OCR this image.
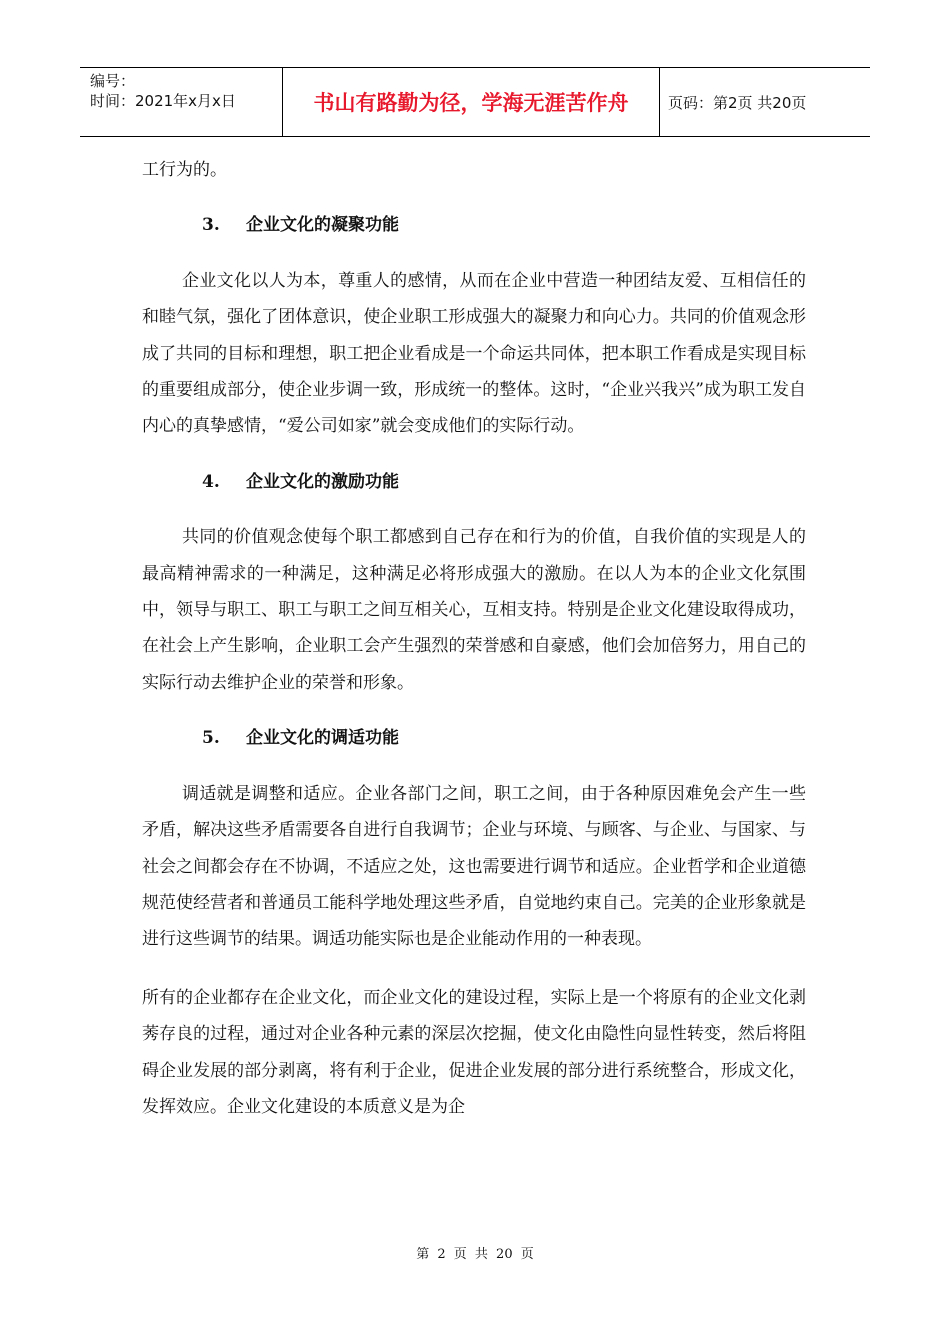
编号：
时间：2021年x月x日	书山有路勤为径，学海无涯苦作舟	页码：第2页 共20页

工行为的。

3.	企业文化的凝聚功能

企业文化以人为本，尊重人的感情，从而在企业中营造一种团结友爱、互相信任的和睦气氛，强化了团体意识，使企业职工形成强大的凝聚力和向心力。共同的价值观念形成了共同的目标和理想，职工把企业看成是一个命运共同体，把本职工作看成是实现目标的重要组成部分，使企业步调一致，形成统一的整体。这时，“企业兴我兴”成为职工发自内心的真挚感情，“爱公司如家”就会变成他们的实际行动。

4.	企业文化的激励功能

共同的价值观念使每个职工都感到自己存在和行为的价值，自我价值的实现是人的最高精神需求的一种满足，这种满足必将形成强大的激励。在以人为本的企业文化氛围中，领导与职工、职工与职工之间互相关心，互相支持。特别是企业文化建设取得成功，在社会上产生影响，企业职工会产生强烈的荣誉感和自豪感，他们会加倍努力，用自己的实际行动去维护企业的荣誉和形象。

5.	企业文化的调适功能

调适就是调整和适应。企业各部门之间，职工之间，由于各种原因难免会产生一些矛盾，解决这些矛盾需要各自进行自我调节；企业与环境、与顾客、与企业、与国家、与社会之间都会存在不协调，不适应之处，这也需要进行调节和适应。企业哲学和企业道德规范使经营者和普通员工能科学地处理这些矛盾，自觉地约束自己。完美的企业形象就是进行这些调节的结果。调适功能实际也是企业能动作用的一种表现。

所有的企业都存在企业文化，而企业文化的建设过程，实际上是一个将原有的企业文化剥莠存良的过程，通过对企业各种元素的深层次挖掘，使文化由隐性向显性转变，然后将阻碍企业发展的部分剥离，将有利于企业，促进企业发展的部分进行系统整合，形成文化，发挥效应。企业文化建设的本质意义是为企

第 2 页 共 20 页
